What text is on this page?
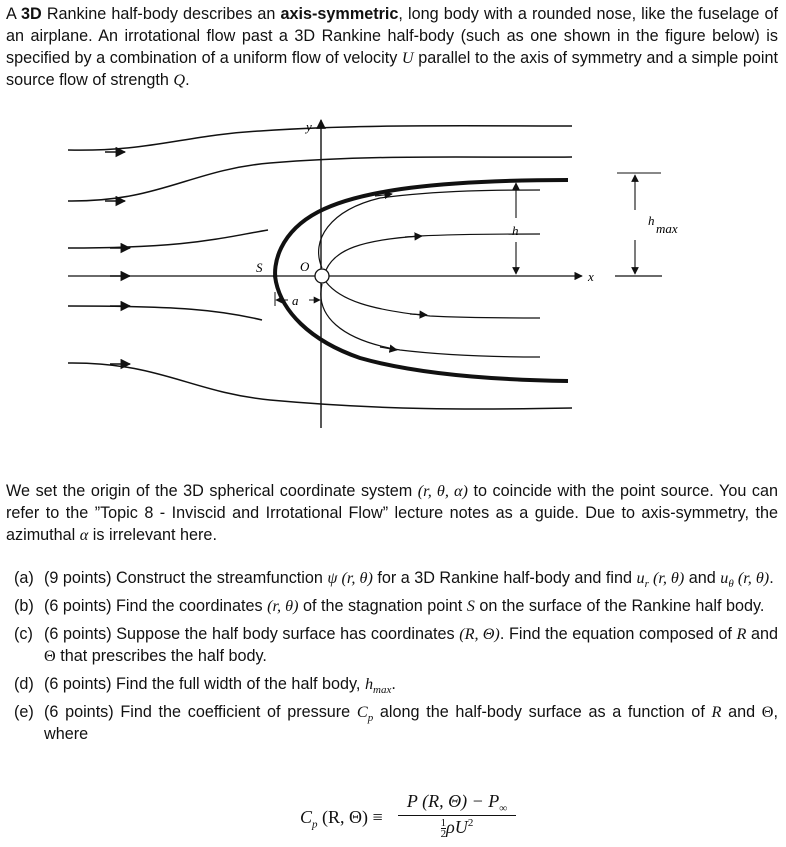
A 3D Rankine half-body describes an axis-symmetric, long body with a rounded nose, like the fuselage of an airplane. An irrotational flow past a 3D Rankine half-body (such as one shown in the figure below) is specified by a combination of a uniform flow of velocity U parallel to the axis of symmetry and a simple point source flow of strength Q.
y
x
S	O
a
h
h
max
We set the origin of the 3D spherical coordinate system (r, θ, α) to coincide with the point source. You can refer to the ”Topic 8 - Inviscid and Irrotational Flow” lecture notes as a guide. Due to axis-symmetry, the azimuthal α is irrelevant here.
(a) (9 points) Construct the streamfunction ψ (r, θ) for a 3D Rankine half-body and find $u_r$ (r, θ) and $u_\theta$ (r, θ).
(b) (6 points) Find the coordinates (r, θ) of the stagnation point S on the surface of the Rankine half body.
(c) (6 points) Suppose the half body surface has coordinates (R, Θ). Find the equation composed of R and Θ that prescribes the half body.
(d) (6 points) Find the full width of the half body, $h_{max}$.
(e) (6 points) Find the coefficient of pressure $C_p$ along the half-body surface as a function of R and Θ, where
$C_p$ (R, Θ) ≡
P (R, $\Theta) - P_\infty$
$\frac{1}{2} \rho U^2$
